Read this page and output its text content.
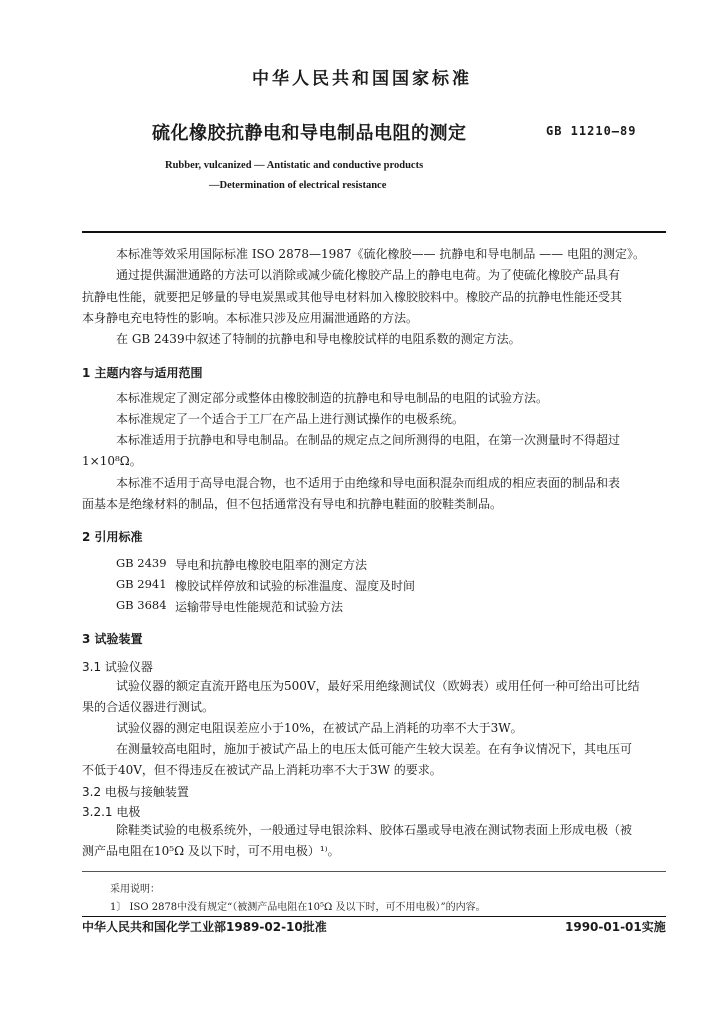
中华人民共和国国家标准
硫化橡胶抗静电和导电制品电阻的测定	GB 11210—89
Rubber, vulcanized — Antistatic and conductive products
—Determination of electrical resistance
本标准等效采用国际标准 ISO 2878—1987《硫化橡胶—— 抗静电和导电制品 —— 电阻的测定》。
通过提供漏泄通路的方法可以消除或减少硫化橡胶产品上的静电电荷。为了使硫化橡胶产品具有
抗静电性能，就要把足够量的导电炭黑或其他导电材料加入橡胶胶料中。橡胶产品的抗静电性能还受其
本身静电充电特性的影响。本标准只涉及应用漏泄通路的方法。
在 GB 2439中叙述了特制的抗静电和导电橡胶试样的电阻系数的测定方法。
1 主题内容与适用范围
本标准规定了测定部分或整体由橡胶制造的抗静电和导电制品的电阻的试验方法。
本标准规定了一个适合于工厂在产品上进行测试操作的电极系统。
本标准适用于抗静电和导电制品。在制品的规定点之间所测得的电阻，在第一次测量时不得超过
1×10⁸Ω。
本标准不适用于高导电混合物，也不适用于由绝缘和导电面积混杂而组成的相应表面的制品和表
面基本是绝缘材料的制品，但不包括通常没有导电和抗静电鞋面的胶鞋类制品。
2 引用标准
GB 2439 导电和抗静电橡胶电阻率的测定方法
GB 2941 橡胶试样停放和试验的标准温度、湿度及时间
GB 3684 运输带导电性能规范和试验方法
3 试验装置
3.1 试验仪器
试验仪器的额定直流开路电压为500V，最好采用绝缘测试仪（欧姆表）或用任何一种可给出可比结
果的合适仪器进行测试。
试验仪器的测定电阻误差应小于10%，在被试产品上消耗的功率不大于3W。
在测量较高电阻时，施加于被试产品上的电压太低可能产生较大误差。在有争议情况下，其电压可
不低于40V，但不得违反在被试产品上消耗功率不大于3W 的要求。
3.2 电极与接触装置
3.2.1 电极
除鞋类试验的电极系统外，一般通过导电银涂料、胶体石墨或导电液在测试物表面上形成电极（被
测产品电阻在10⁵Ω 及以下时，可不用电极）¹⁾。
采用说明：
1〕 ISO 2878中没有规定“（被测产品电阻在10⁵Ω 及以下时，可不用电极）”的内容。
中华人民共和国化学工业部1989-02-10批准	1990-01-01实施
